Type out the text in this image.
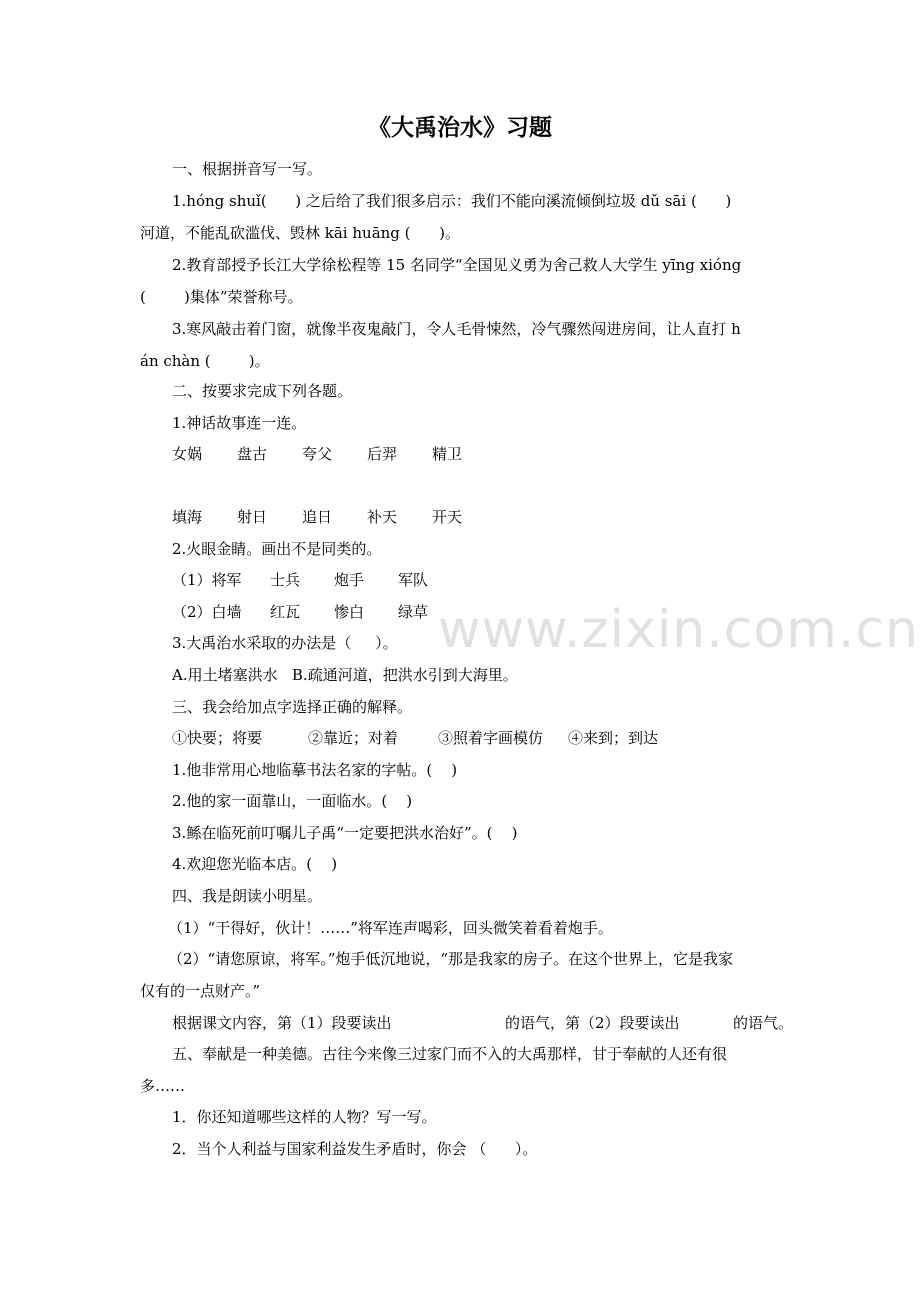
www.zixin.com.cn
《大禹治水》习题

一、根据拼音写一写。

1.hóng shuǐ(      ) 之后给了我们很多启示：我们不能向溪流倾倒垃圾 dǔ sāi (      )

河道，不能乱砍滥伐、毁林 kāi huāng (      )。

2.教育部授予长江大学徐松程等 15 名同学“全国见义勇为舍己救人大学生 yīng xióng

(        )集体”荣誉称号。

3.寒风敲击着门窗，就像半夜鬼敲门，令人毛骨悚然，冷气骤然闯进房间，让人直打 h

án chàn (        )。

二、按要求完成下列各题。

1.神话故事连一连。

女娲 盘古 夸父 后羿 精卫
填海 射日 追日 补天 开天

2.火眼金睛。画出不是同类的。

（1）将军 士兵 炮手 军队
（2）白墙 红瓦 惨白 绿草

3.大禹治水采取的办法是（     ）。

A.用土堵塞洪水   B.疏通河道，把洪水引到大海里。

三、我会给加点字选择正确的解释。

①快要；将要	②靠近；对着	③照着字画模仿 ④来到；到达

1.他非常用心地临摹书法名家的字帖。(    )

2.他的家一面靠山，一面临水。(    )

3.鲧在临死前叮嘱儿子禹“一定要把洪水治好”。(    )

4.欢迎您光临本店。(    )

四、我是朗读小明星。

（1）“干得好，伙计！……”将军连声喝彩，回头微笑着看着炮手。

（2）“请您原谅，将军。”炮手低沉地说，“那是我家的房子。在这个世界上，它是我家

仅有的一点财产。”

根据课文内容，第（1）段要读出	的语气，第（2）段要读出	的语气。

五、奉献是一种美德。古往今来像三过家门而不入的大禹那样，甘于奉献的人还有很

多……

1．你还知道哪些这样的人物？写一写。

2．当个人利益与国家利益发生矛盾时，你会 （      ）。
